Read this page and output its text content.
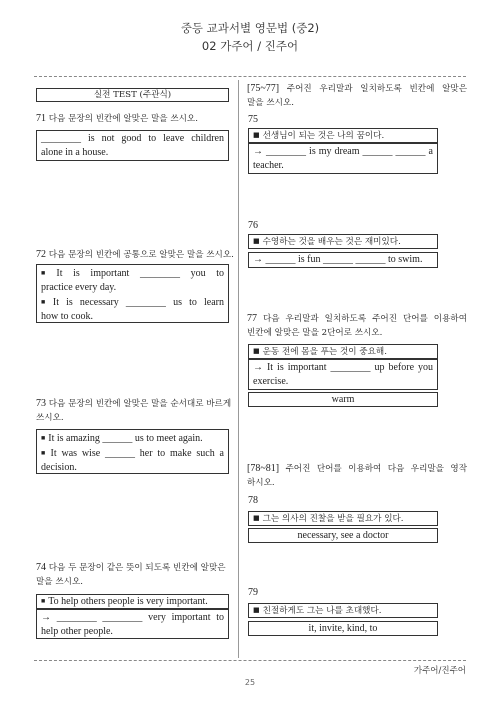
중등 교과서별 영문법 (중2)
02 가주어 / 진주어
실전 TEST (주관식)
71 다음 문장의 빈칸에 알맞은 말을 쓰시오.
________ is not good to leave children
alone in a house.
72 다음 문장의 빈칸에 공통으로 알맞은 말을 쓰시오.
■ It is important ________ you to
practice every day.
■ It is necessary ________ us to learn
how to cook.
73 다음 문장의 빈칸에 알맞은 말을 순서대로 바르게
쓰시오.
■ It is amazing ______ us to meet again.
■ It was wise ______ her to make such a
decision.
74 다음 두 문장이 같은 뜻이 되도록 빈칸에 알맞은
말을 쓰시오.
■ To help others people is very important.
→ ________ ________ very important to
help other people.
[75~77] 주어진 우리말과 일치하도록 빈칸에 알맞은
말을 쓰시오.
75
■ 선생님이 되는 것은 나의 꿈이다.
→ ________ is my dream ______ ______ a
teacher.
76
■ 수영하는 것을 배우는 것은 재미있다.
→ ______ is fun ______ ______ to swim.
77 다음 우리말과 일치하도록 주어진 단어를 이용하여
빈칸에 알맞은 말을 2단어로 쓰시오.
■ 운동 전에 몸을 푸는 것이 중요해.
→ It is important ________ up before you
exercise.
warm
[78~81] 주어진 단어를 이용하여 다음 우리말을 영작
하시오.
78
■ 그는 의사의 진찰을 받을 필요가 있다.
necessary, see a doctor
79
■ 친절하게도 그는 나를 초대했다.
it, invite, kind, to
가주어/진주어
25
